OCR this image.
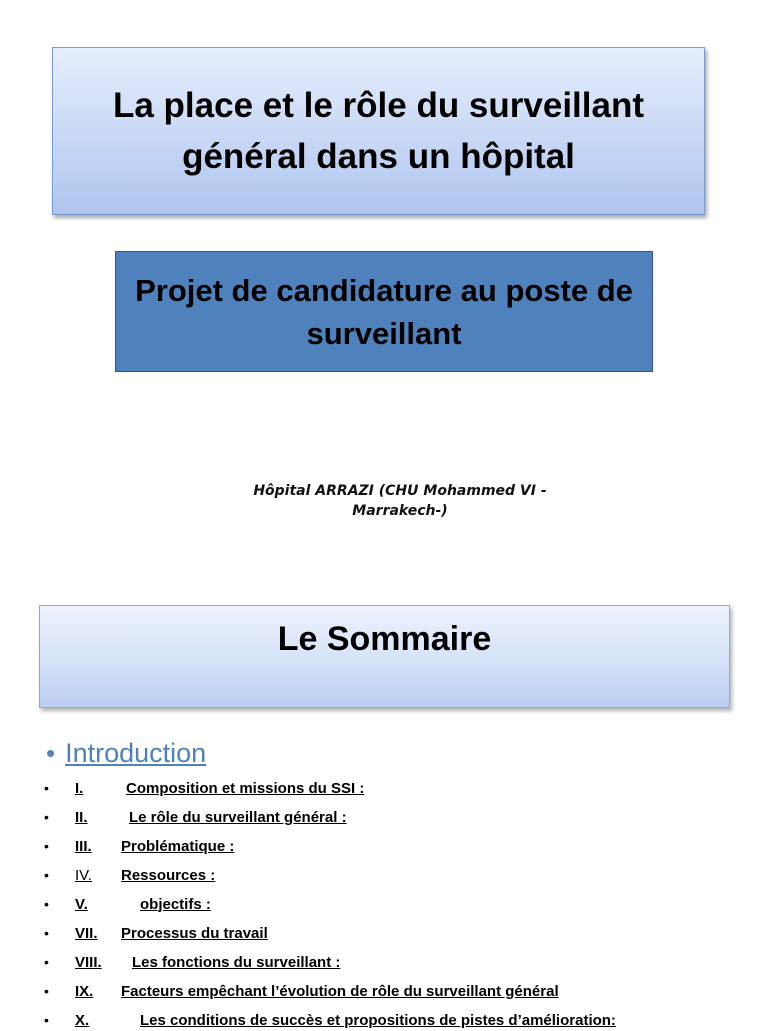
La place et le rôle du surveillant général dans un hôpital
Projet de candidature au poste de surveillant
Hôpital ARRAZI (CHU Mohammed VI -
Marrakech-)
Le Sommaire
• Introduction
•	I.	Composition et missions du SSI :
•	II.	Le rôle du surveillant général :
•	III. Problématique :
•	IV. Ressources :
•	V.	objectifs :
•	VII. Processus du travail
•	VIII. Les fonctions du surveillant :
•	IX. Facteurs empêchant l’évolution de rôle du surveillant général
•	X.	Les conditions de succès et propositions de pistes d’amélioration:
